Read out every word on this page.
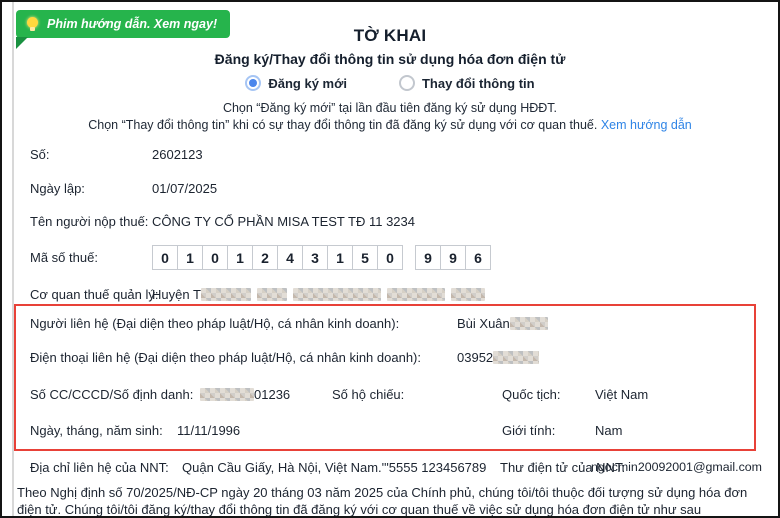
Phim hướng dẫn. Xem ngay!
TỜ KHAI
Đăng ký/Thay đổi thông tin sử dụng hóa đơn điện tử
Đăng ký mới	Thay đổi thông tin
Chọn “Đăng ký mới” tại lần đầu tiên đăng ký sử dụng HĐĐT.
Chọn “Thay đổi thông tin” khi có sự thay đổi thông tin đã đăng ký sử dụng với cơ quan thuế. Xem hướng dẫn
Số:	2602123
Ngày lập:	01/07/2025
Tên người nộp thuế: CÔNG TY CỔ PHẦN MISA TEST TĐ 11 3234
Mã số thuế:	0	1	0	1	2	4	3	1	5	0	9	9	6
Cơ quan thuế quản lý:
Huyện T
Người liên hệ (Đại diện theo pháp luật/Hộ, cá nhân kinh doanh):	Bùi Xuân
Điện thoại liên hệ (Đại diện theo pháp luật/Hộ, cá nhân kinh doanh):	03952
Số CC/CCCD/Số định danh:	01236	Số hộ chiếu:	Quốc tịch:	Việt Nam
Ngày, tháng, năm sinh: 11/11/1996	Giới tính:	Nam
Địa chỉ liên hệ của NNT: Quận Cầu Giấy, Hà Nội, Việt Nam.'"5555 123456789 Thư điện tử của NNT:
ngocmin20092001@gmail.com
Theo Nghị định số 70/2025/NĐ-CP ngày 20 tháng 03 năm 2025 của Chính phủ, chúng tôi/tôi thuộc đối tượng sử dụng hóa đơn điện tử. Chúng tôi/tôi đăng ký/thay đổi thông tin đã đăng ký với cơ quan thuế về việc sử dụng hóa đơn điện tử như sau
